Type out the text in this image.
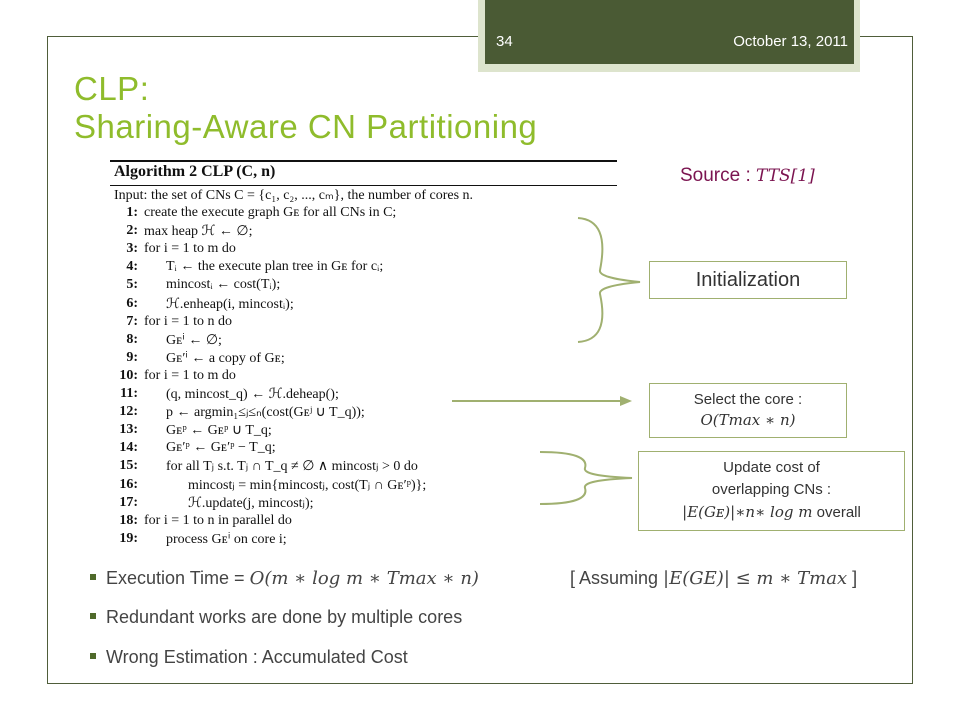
34	October 13, 2011
CLP:
Sharing-Aware CN Partitioning
Algorithm 2 CLP (C, n)
Input: the set of CNs C = {c₁, c₂, ..., cₘ}, the number of cores n.
1: create the execute graph Gᴇ for all CNs in C;
2: max heap ℋ ← ∅;
3: for i = 1 to m do
4: Tᵢ ← the execute plan tree in Gᴇ for cᵢ;
5: mincostᵢ ← cost(Tᵢ);
6: ℋ.enheap(i, mincostᵢ);
7: for i = 1 to n do
8: Gᴇⁱ ← ∅;
9: Gᴇ′ⁱ ← a copy of Gᴇ;
10: for i = 1 to m do
11: (q, mincost_q) ← ℋ.deheap();
12: p ← argmin₁≤ⱼ≤ₙ(cost(Gᴇʲ ∪ T_q));
13: Gᴇᵖ ← Gᴇᵖ ∪ T_q;
14: Gᴇ′ᵖ ← Gᴇ′ᵖ − T_q;
15: for all Tⱼ s.t. Tⱼ ∩ T_q ≠ ∅ ∧ mincostⱼ > 0 do
16:	mincostⱼ = min{mincostⱼ, cost(Tⱼ ∩ Gᴇ′ᵖ)};
17:	ℋ.update(j, mincostⱼ);
18: for i = 1 to n in parallel do
19: process Gᴇⁱ on core i;
Source : TTS[1]
Initialization
Select the core :
O(Tmax ∗ n)
Update cost of
overlapping CNs :
|E(Gᴇ)|∗n∗ log m overall
Execution Time = O(m ∗ log m ∗ Tmax ∗ n)
Redundant works are done by multiple cores
Wrong Estimation : Accumulated Cost
[ Assuming |E(GE)| ≤ m ∗ Tmax ]
